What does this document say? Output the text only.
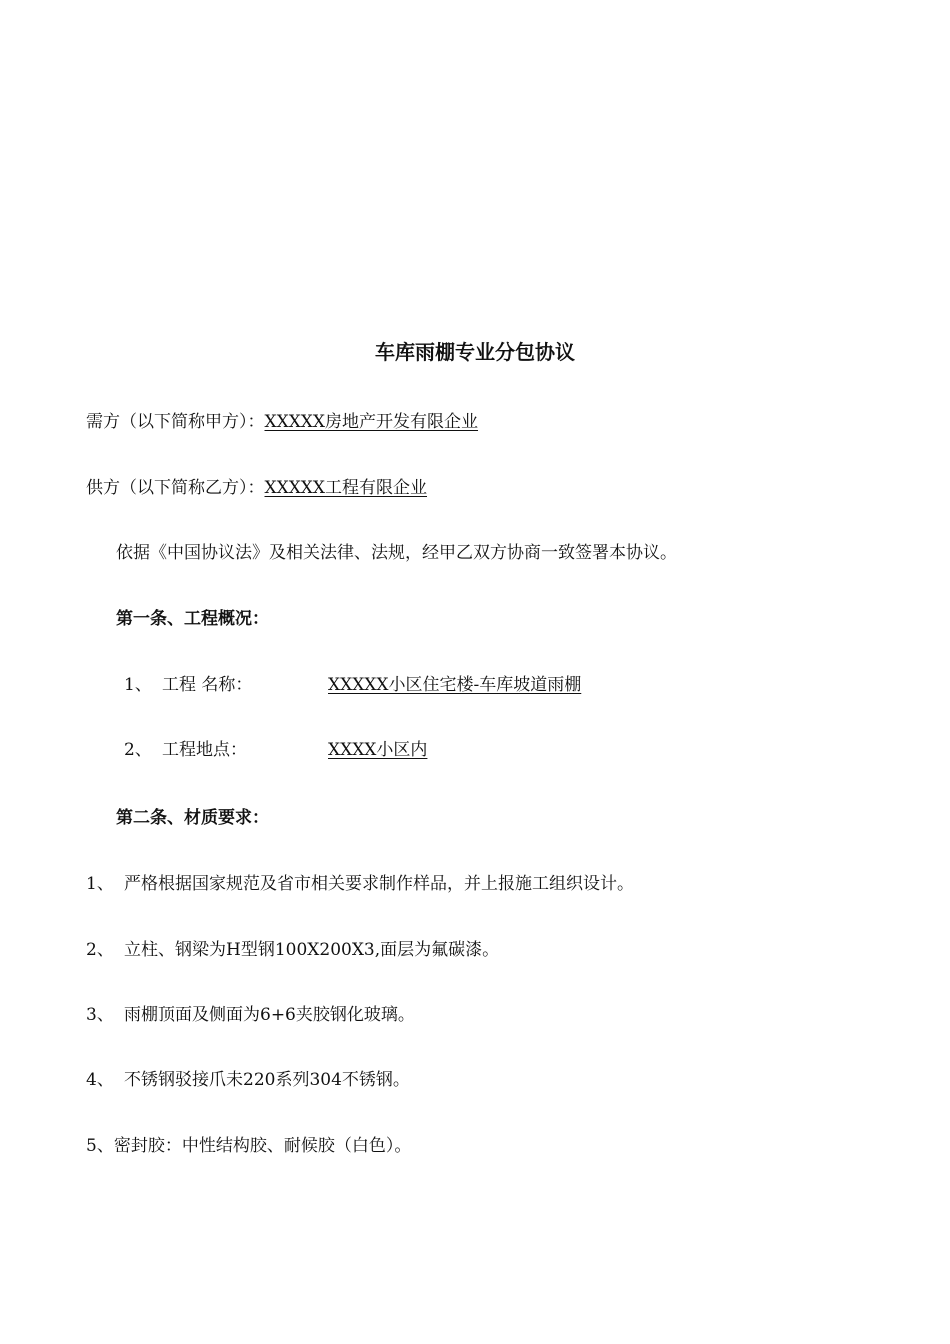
车库雨棚专业分包协议
需方（以下简称甲方）：XXXXX房地产开发有限企业
供方（以下简称乙方）：XXXXX工程有限企业
依据《中国协议法》及相关法律、法规，经甲乙双方协商一致签署本协议。
第一条、工程概况：
1、 工程 名称：	XXXXX小区住宅楼-车库坡道雨棚
2、 工程地点：	XXXX小区内
第二条、材质要求：
1、 严格根据国家规范及省市相关要求制作样品，并上报施工组织设计。
2、 立柱、钢梁为H型钢100X200X3,面层为氟碳漆。
3、 雨棚顶面及侧面为6+6夹胶钢化玻璃。
4、 不锈钢驳接爪未220系列304不锈钢。
5、密封胶：中性结构胶、耐候胶（白色）。
